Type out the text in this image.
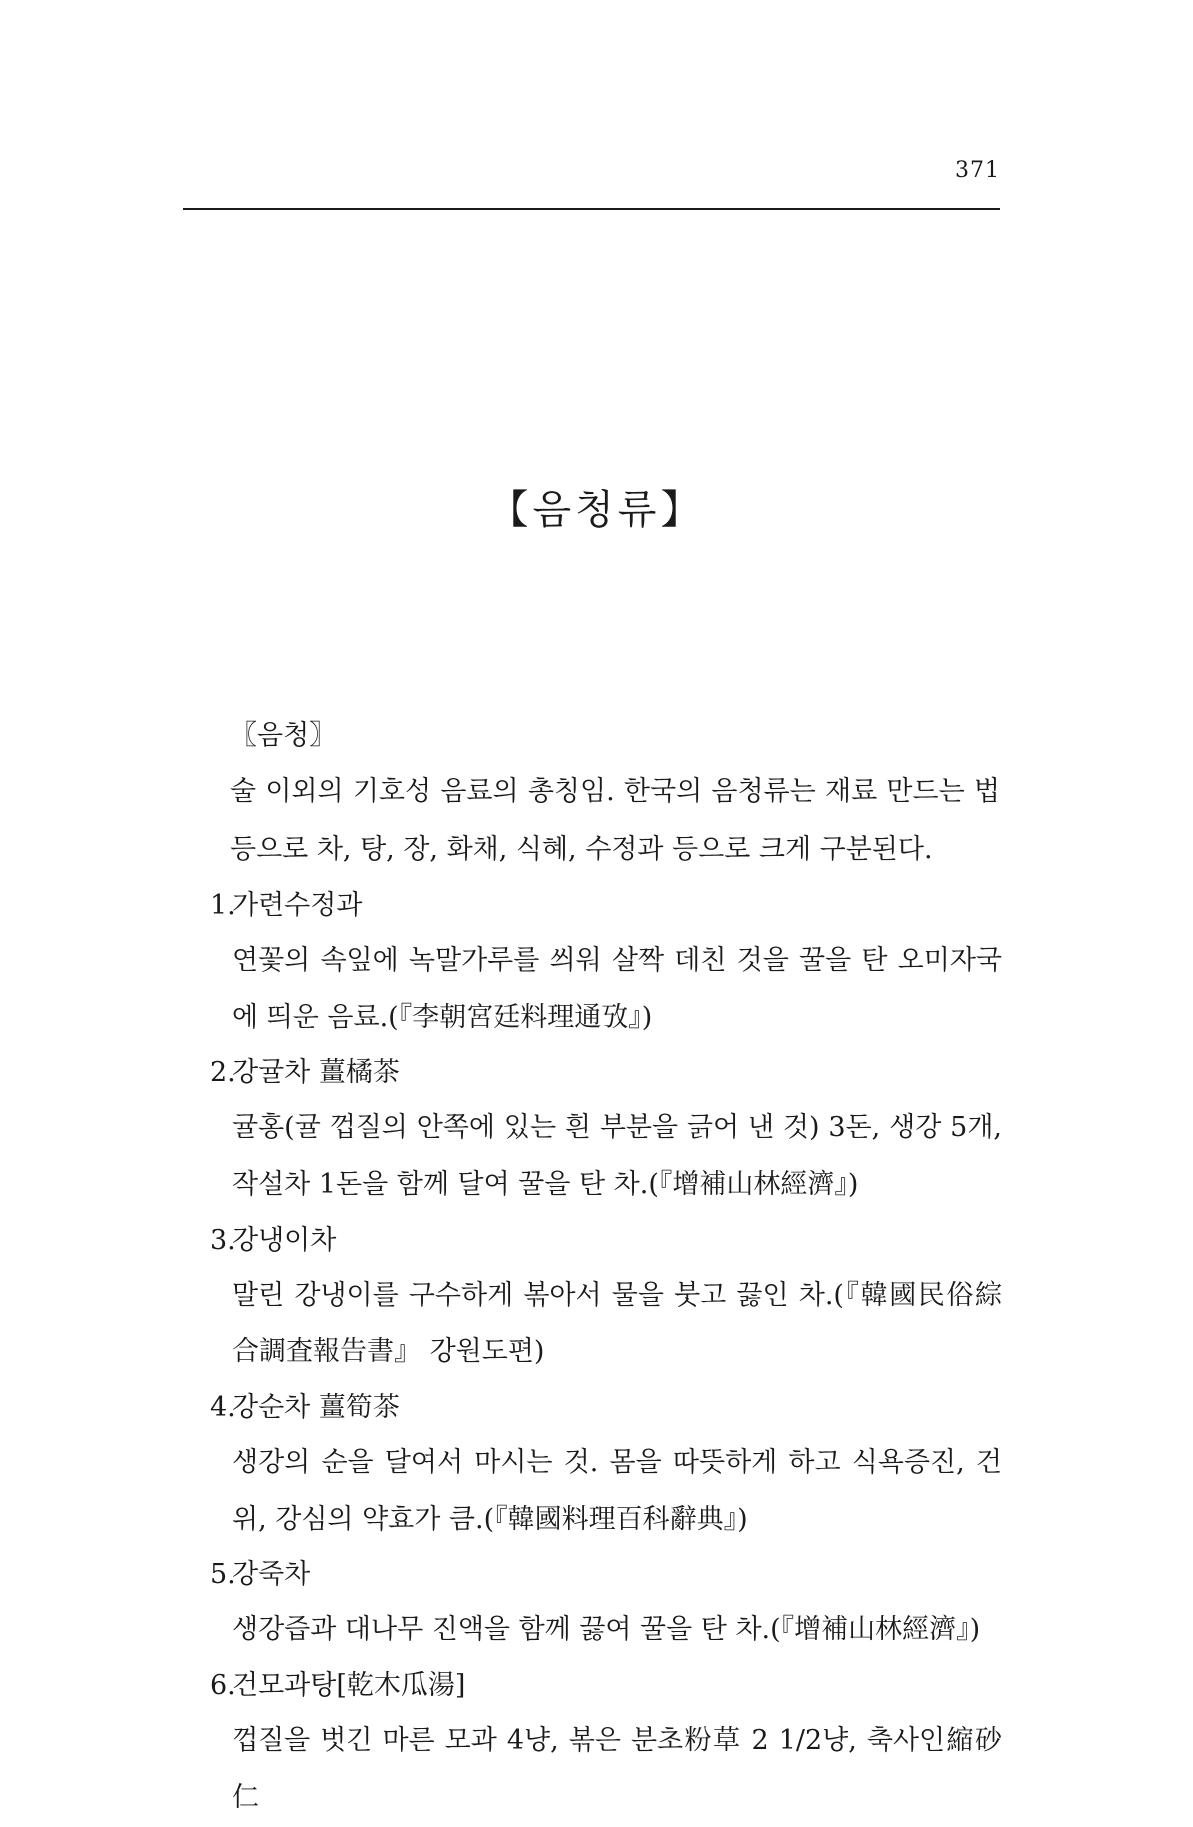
371
【음청류】

〖음청〗

술 이외의 기호성 음료의 총칭임. 한국의 음청류는 재료 만드는 법 등으로 차, 탕, 장, 화채, 식혜, 수정과 등으로 크게 구분된다.

1.가련수정과
연꽃의 속잎에 녹말가루를 씌워 살짝 데친 것을 꿀을 탄 오미자국에 띄운 음료.(『李朝宮廷料理通攷』)
2.강귤차 薑橘茶
귤홍(귤 껍질의 안쪽에 있는 흰 부분을 긁어 낸 것) 3돈, 생강 5개, 작설차 1돈을 함께 달여 꿀을 탄 차.(『增補山林經濟』)
3.강냉이차
말린 강냉이를 구수하게 볶아서 물을 붓고 끓인 차.(『韓國民俗綜合調査報告書』 강원도편)
4.강순차 薑筍茶
생강의 순을 달여서 마시는 것. 몸을 따뜻하게 하고 식욕증진, 건위, 강심의 약효가 큼.(『韓國料理百科辭典』)
5.강죽차
생강즙과 대나무 진액을 함께 끓여 꿀을 탄 차.(『增補山林經濟』)
6.건모과탕[乾木瓜湯]
껍질을 벗긴 마른 모과 4냥, 볶은 분초粉草 2 1/2냥, 축사인縮砂仁
